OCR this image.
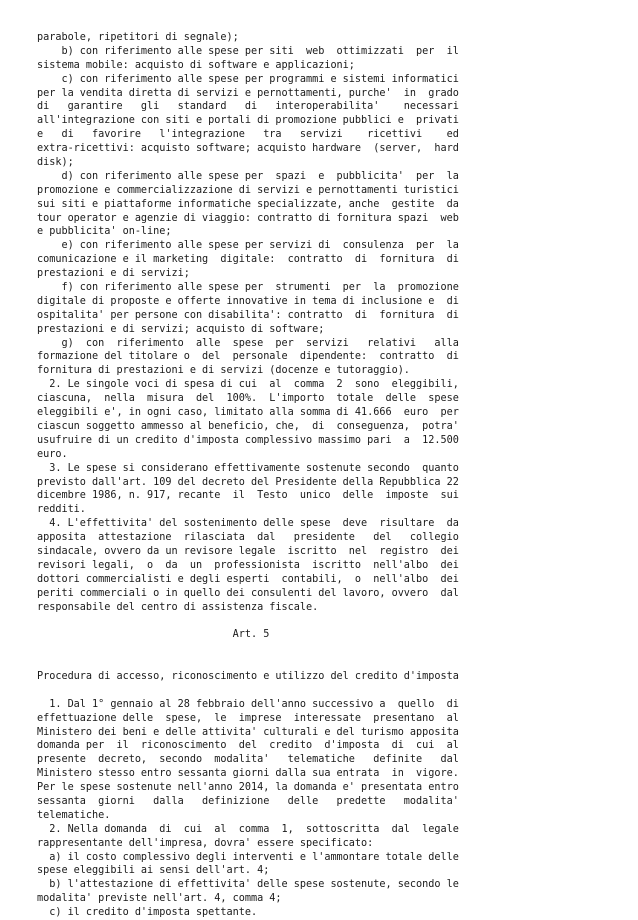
parabole, ripetitori di segnale);
b) con riferimento alle spese per siti  web  ottimizzati  per  il
sistema mobile: acquisto di software e applicazioni;
c) con riferimento alle spese per programmi e sistemi informatici
per la vendita diretta di servizi e pernottamenti, purche'  in  grado
di   garantire   gli   standard   di   interoperabilita'    necessari
all'integrazione con siti e portali di promozione pubblici e  privati
e   di   favorire   l'integrazione   tra   servizi    ricettivi    ed
extra-ricettivi: acquisto software; acquisto hardware  (server,  hard
disk);
d) con riferimento alle spese per  spazi  e  pubblicita'  per  la
promozione e commercializzazione di servizi e pernottamenti turistici
sui siti e piattaforme informatiche specializzate, anche  gestite  da
tour operator e agenzie di viaggio: contratto di fornitura spazi  web
e pubblicita' on-line;
e) con riferimento alle spese per servizi di  consulenza  per  la
comunicazione e il marketing  digitale:  contratto  di  fornitura  di
prestazioni e di servizi;
f) con riferimento alle spese per  strumenti  per  la  promozione
digitale di proposte e offerte innovative in tema di inclusione e  di
ospitalita' per persone con disabilita': contratto  di  fornitura  di
prestazioni e di servizi; acquisto di software;
g)  con  riferimento  alle  spese  per  servizi   relativi   alla
formazione del titolare o  del  personale  dipendente:  contratto  di
fornitura di prestazioni e di servizi (docenze e tutoraggio).
2. Le singole voci di spesa di cui  al  comma  2  sono  eleggibili,
ciascuna,  nella  misura  del  100%.  L'importo  totale  delle  spese
eleggibili e', in ogni caso, limitato alla somma di 41.666  euro  per
ciascun soggetto ammesso al beneficio, che,  di  conseguenza,  potra'
usufruire di un credito d'imposta complessivo massimo pari  a  12.500
euro.
3. Le spese si considerano effettivamente sostenute secondo  quanto
previsto dall'art. 109 del decreto del Presidente della Repubblica 22
dicembre 1986, n. 917, recante  il  Testo  unico  delle  imposte  sui
redditi.
4. L'effettivita' del sostenimento delle spese  deve  risultare  da
apposita  attestazione  rilasciata  dal   presidente   del   collegio
sindacale, ovvero da un revisore legale  iscritto  nel  registro  dei
revisori legali,  o  da  un  professionista  iscritto  nell'albo  dei
dottori commercialisti e degli esperti  contabili,  o  nell'albo  dei
periti commerciali o in quello dei consulenti del lavoro, ovvero  dal
responsabile del centro di assistenza fiscale.
Art. 5
Procedura di accesso, riconoscimento e utilizzo del credito d'imposta
1. Dal 1° gennaio al 28 febbraio dell'anno successivo a  quello  di
effettuazione delle  spese,  le  imprese  interessate  presentano  al
Ministero dei beni e delle attivita' culturali e del turismo apposita
domanda per  il  riconoscimento  del  credito  d'imposta  di  cui  al
presente  decreto,  secondo  modalita'   telematiche   definite   dal
Ministero stesso entro sessanta giorni dalla sua entrata  in  vigore.
Per le spese sostenute nell'anno 2014, la domanda e' presentata entro
sessanta  giorni   dalla   definizione   delle   predette   modalita'
telematiche.
2. Nella domanda  di  cui  al  comma  1,  sottoscritta  dal  legale
rappresentante dell'impresa, dovra' essere specificato:
a) il costo complessivo degli interventi e l'ammontare totale delle
spese eleggibili ai sensi dell'art. 4;
b) l'attestazione di effettivita' delle spese sostenute, secondo le
modalita' previste nell'art. 4, comma 4;
c) il credito d'imposta spettante.
